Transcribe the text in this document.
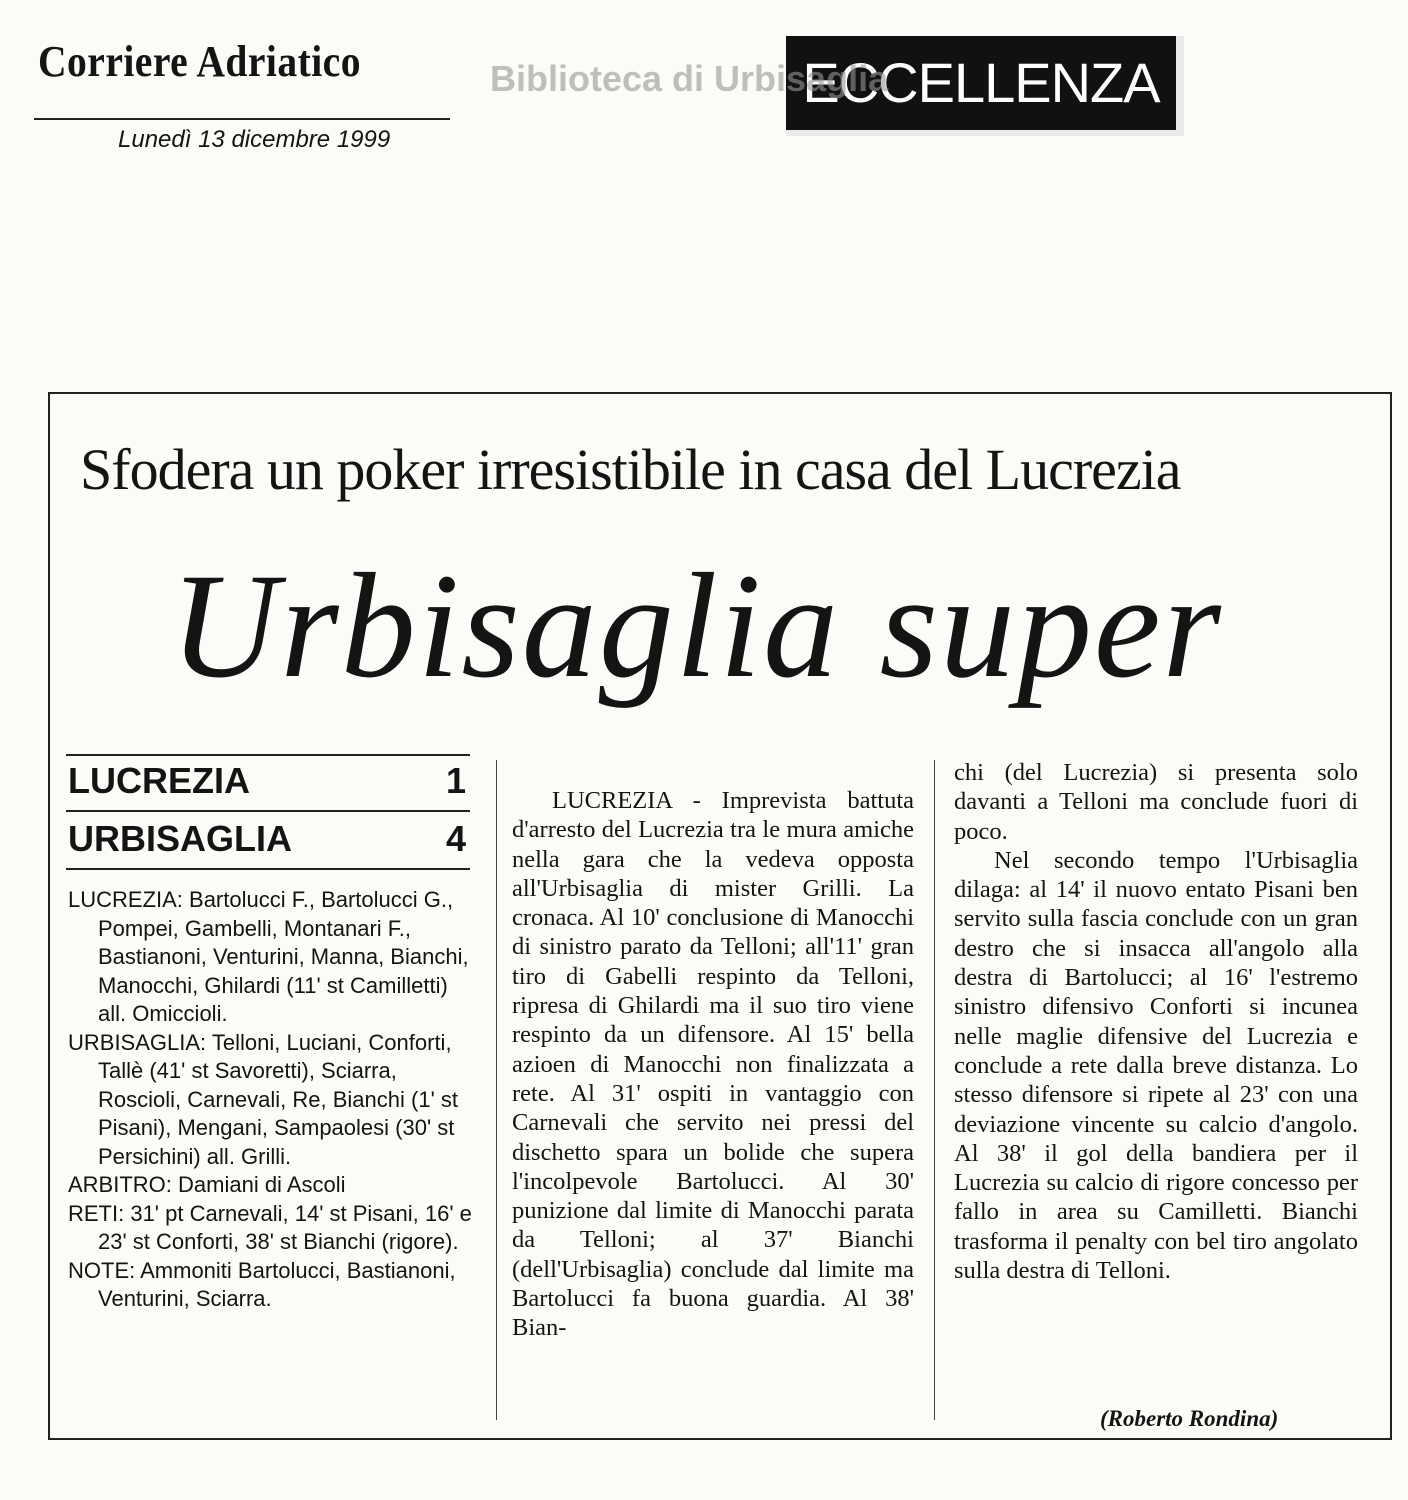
Corriere Adriatico
Lunedì 13 dicembre 1999
ECCELLENZA
Biblioteca di Urbisaglia
Sfodera un poker irresistibile in casa del Lucrezia
Urbisaglia super
LUCREZIA	1
URBISAGLIA	4

LUCREZIA: Bartolucci F., Bartolucci G., Pompei, Gambelli, Montanari F., Bastianoni, Venturini, Manna, Bianchi, Manocchi, Ghilardi (11' st Camilletti) all. Omiccioli.

URBISAGLIA: Telloni, Luciani, Conforti, Tallè (41' st Savoretti), Sciarra, Roscioli, Carnevali, Re, Bianchi (1' st Pisani), Mengani, Sampaolesi (30' st Persichini) all. Grilli.

ARBITRO: Damiani di Ascoli

RETI: 31' pt Carnevali, 14' st Pisani, 16' e 23' st Conforti, 38' st Bianchi (rigore).

NOTE: Ammoniti Bartolucci, Bastianoni, Venturini, Sciarra.

LUCREZIA - Imprevista battuta d'arresto del Lucrezia tra le mura amiche nella gara che la vedeva opposta all'Urbisaglia di mister Grilli. La cronaca. Al 10' conclusione di Manocchi di sinistro parato da Telloni; all'11' gran tiro di Gabelli respinto da Telloni, ripresa di Ghilardi ma il suo tiro viene respinto da un difensore. Al 15' bella azioen di Manocchi non finalizzata a rete. Al 31' ospiti in vantaggio con Carnevali che servito nei pressi del dischetto spara un bolide che supera l'incolpevole Bartolucci. Al 30' punizione dal limite di Manocchi parata da Telloni; al 37' Bianchi (dell'Urbisaglia) conclude dal limite ma Bartolucci fa buona guardia. Al 38' Bian-

chi (del Lucrezia) si presenta solo davanti a Telloni ma conclude fuori di poco.

Nel secondo tempo l'Urbisaglia dilaga: al 14' il nuovo entato Pisani ben servito sulla fascia conclude con un gran destro che si insacca all'angolo alla destra di Bartolucci; al 16' l'estremo sinistro difensivo Conforti si incunea nelle maglie difensive del Lucrezia e conclude a rete dalla breve distanza. Lo stesso difensore si ripete al 23' con una deviazione vincente su calcio d'angolo. Al 38' il gol della bandiera per il Lucrezia su calcio di rigore concesso per fallo in area su Camilletti. Bianchi trasforma il penalty con bel tiro angolato sulla destra di Telloni.

(Roberto Rondina)
